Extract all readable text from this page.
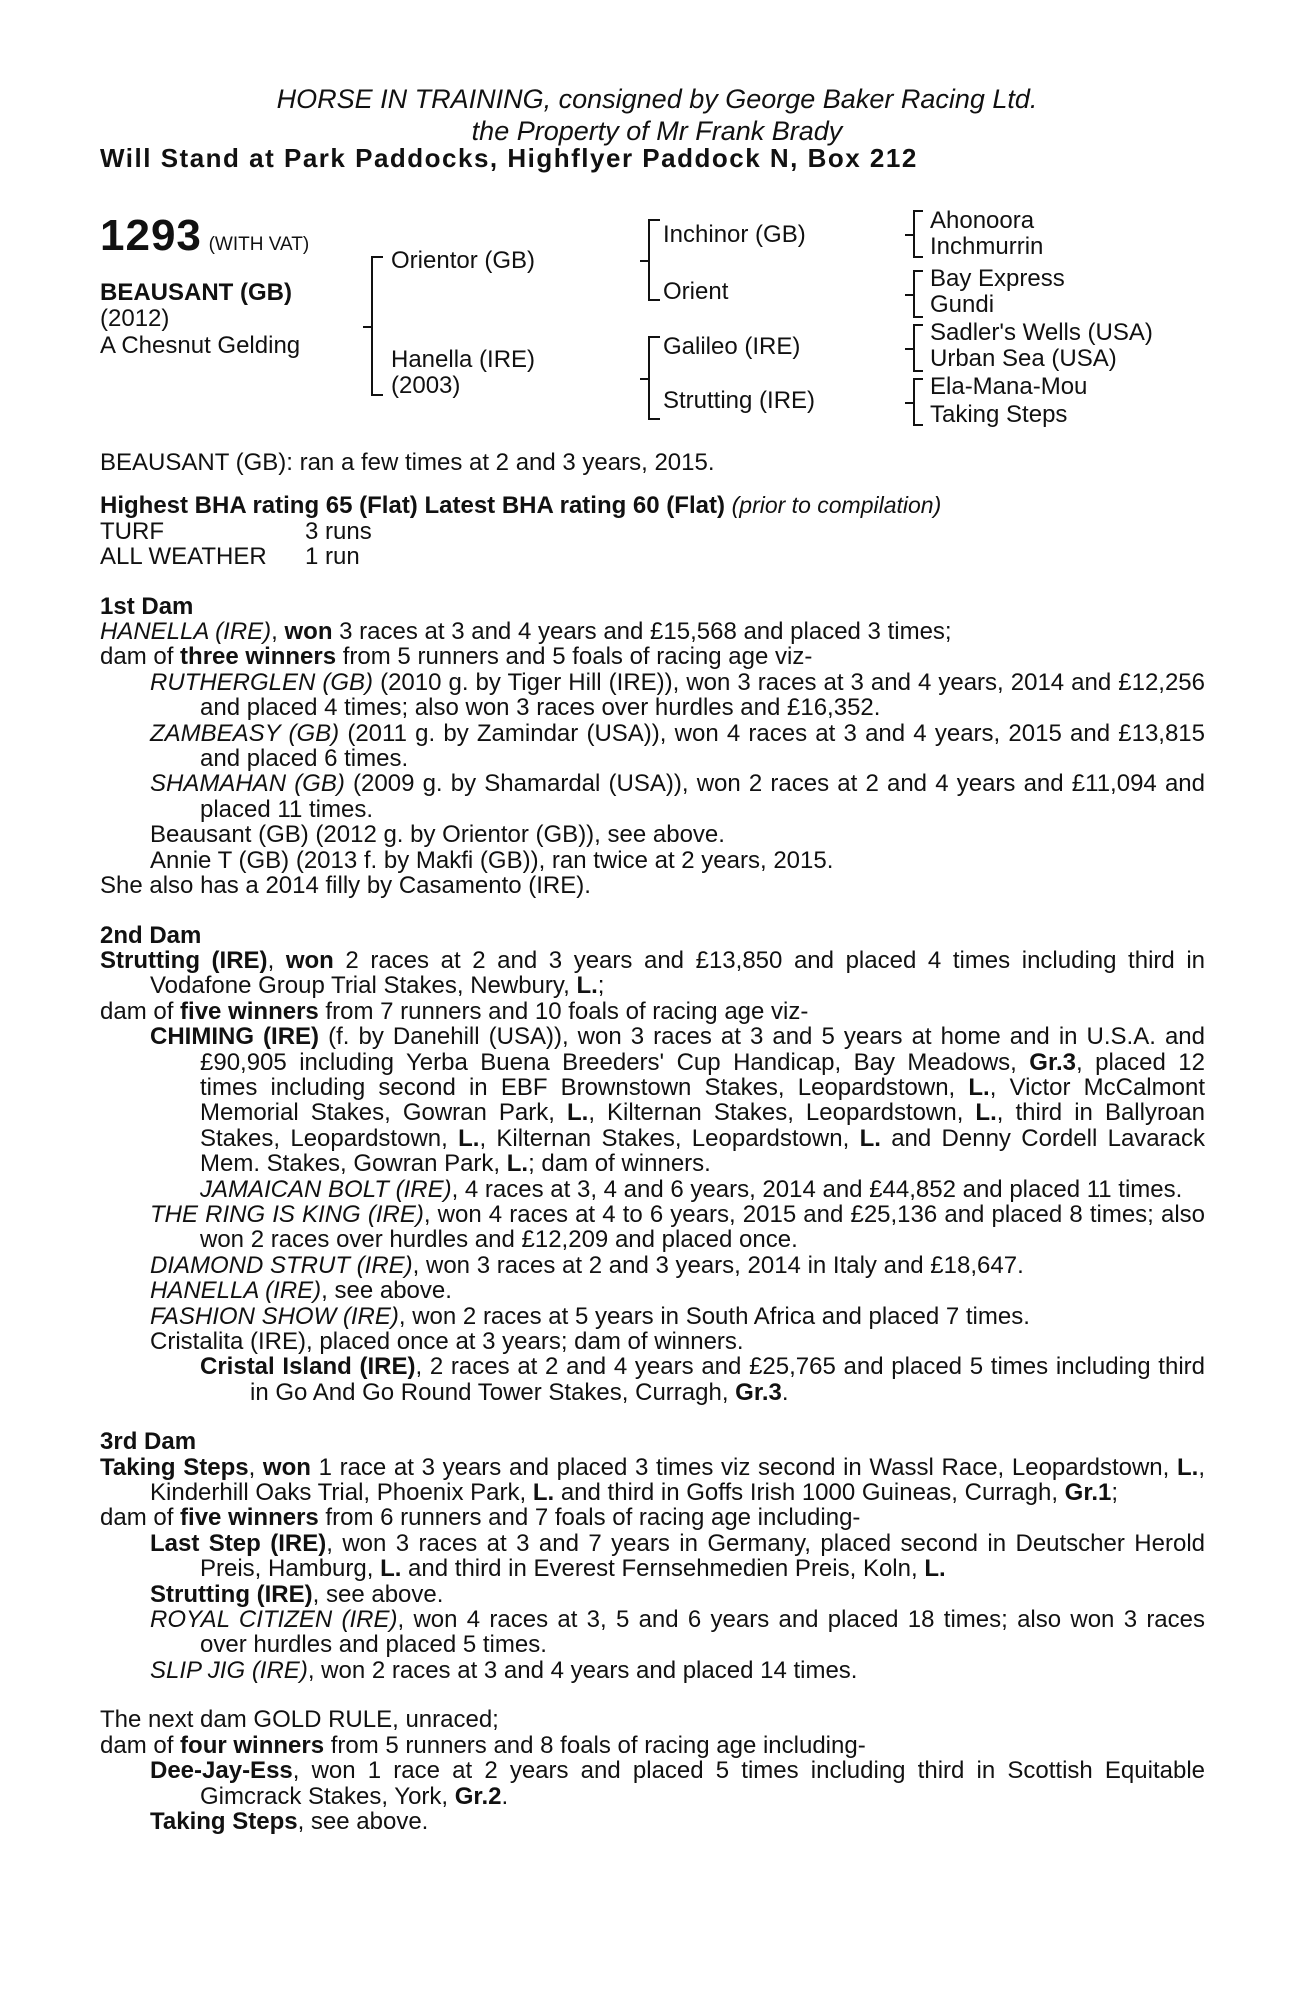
HORSE IN TRAINING, consigned by George Baker Racing Ltd.
the Property of Mr Frank Brady
Will Stand at Park Paddocks, Highflyer Paddock N, Box 212
1293 (WITH VAT)
BEAUSANT (GB)
(2012)
A Chesnut Gelding
Orientor (GB)
Hanella (IRE)
(2003)
Inchinor (GB)
Orient
Galileo (IRE)
Strutting (IRE)
Ahonoora
Inchmurrin
Bay Express
Gundi
Sadler's Wells (USA)
Urban Sea (USA)
Ela-Mana-Mou
Taking Steps

BEAUSANT (GB): ran a few times at 2 and 3 years, 2015.

Highest BHA rating 65 (Flat) Latest BHA rating 60 (Flat) (prior to compilation)

TURF	3 runs
ALL WEATHER	1 run

1st Dam

HANELLA (IRE), won 3 races at 3 and 4 years and £15,568 and placed 3 times;

dam of three winners from 5 runners and 5 foals of racing age viz-

RUTHERGLEN (GB) (2010 g. by Tiger Hill (IRE)), won 3 races at 3 and 4 years, 2014 and £12,256 and placed 4 times; also won 3 races over hurdles and £16,352.

ZAMBEASY (GB) (2011 g. by Zamindar (USA)), won 4 races at 3 and 4 years, 2015 and £13,815 and placed 6 times.

SHAMAHAN (GB) (2009 g. by Shamardal (USA)), won 2 races at 2 and 4 years and £11,094 and placed 11 times.

Beausant (GB) (2012 g. by Orientor (GB)), see above.

Annie T (GB) (2013 f. by Makfi (GB)), ran twice at 2 years, 2015.

She also has a 2014 filly by Casamento (IRE).

2nd Dam

Strutting (IRE), won 2 races at 2 and 3 years and £13,850 and placed 4 times including third in Vodafone Group Trial Stakes, Newbury, L.;

dam of five winners from 7 runners and 10 foals of racing age viz-

CHIMING (IRE) (f. by Danehill (USA)), won 3 races at 3 and 5 years at home and in U.S.A. and £90,905 including Yerba Buena Breeders' Cup Handicap, Bay Meadows, Gr.3, placed 12 times including second in EBF Brownstown Stakes, Leopardstown, L., Victor McCalmont Memorial Stakes, Gowran Park, L., Kilternan Stakes, Leopardstown, L., third in Ballyroan Stakes, Leopardstown, L., Kilternan Stakes, Leopardstown, L. and Denny Cordell Lavarack Mem. Stakes, Gowran Park, L.; dam of winners.

JAMAICAN BOLT (IRE), 4 races at 3, 4 and 6 years, 2014 and £44,852 and placed 11 times.

THE RING IS KING (IRE), won 4 races at 4 to 6 years, 2015 and £25,136 and placed 8 times; also won 2 races over hurdles and £12,209 and placed once.

DIAMOND STRUT (IRE), won 3 races at 2 and 3 years, 2014 in Italy and £18,647.

HANELLA (IRE), see above.

FASHION SHOW (IRE), won 2 races at 5 years in South Africa and placed 7 times.

Cristalita (IRE), placed once at 3 years; dam of winners.

Cristal Island (IRE), 2 races at 2 and 4 years and £25,765 and placed 5 times including third in Go And Go Round Tower Stakes, Curragh, Gr.3.

3rd Dam

Taking Steps, won 1 race at 3 years and placed 3 times viz second in Wassl Race, Leopardstown, L., Kinderhill Oaks Trial, Phoenix Park, L. and third in Goffs Irish 1000 Guineas, Curragh, Gr.1;

dam of five winners from 6 runners and 7 foals of racing age including-

Last Step (IRE), won 3 races at 3 and 7 years in Germany, placed second in Deutscher Herold Preis, Hamburg, L. and third in Everest Fernsehmedien Preis, Koln, L.

Strutting (IRE), see above.

ROYAL CITIZEN (IRE), won 4 races at 3, 5 and 6 years and placed 18 times; also won 3 races over hurdles and placed 5 times.

SLIP JIG (IRE), won 2 races at 3 and 4 years and placed 14 times.

The next dam GOLD RULE, unraced;

dam of four winners from 5 runners and 8 foals of racing age including-

Dee-Jay-Ess, won 1 race at 2 years and placed 5 times including third in Scottish Equitable Gimcrack Stakes, York, Gr.2.

Taking Steps, see above.
